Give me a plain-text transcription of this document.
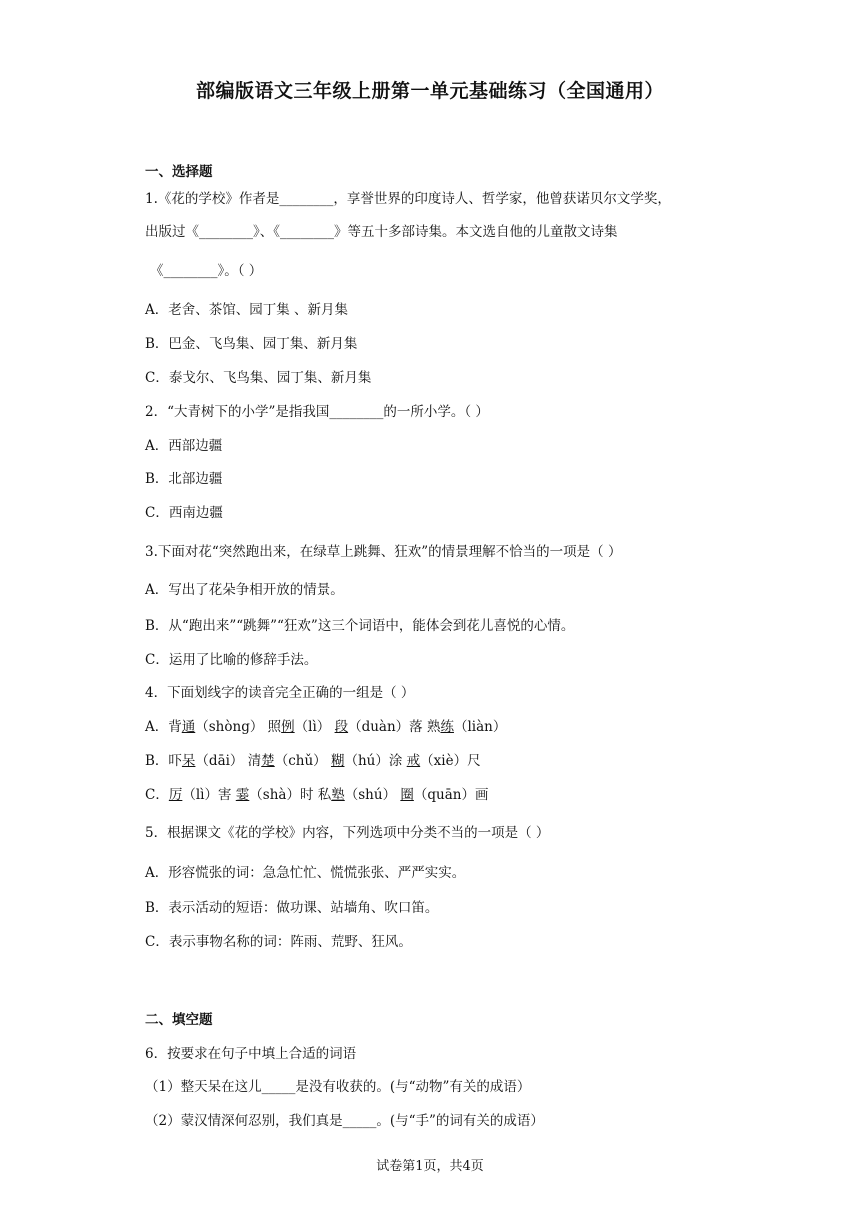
部编版语文三年级上册第一单元基础练习（全国通用）
一、选择题
1.《花的学校》作者是________，享誉世界的印度诗人、哲学家，他曾获诺贝尔文学奖，
出版过《________》、《________》等五十多部诗集。本文选自他的儿童散文诗集
《________》。（ ）
A．老舍、茶馆、园丁集 、新月集
B．巴金、飞鸟集、园丁集、新月集
C．泰戈尔、飞鸟集、园丁集、新月集
2．“大青树下的小学”是指我国________的一所小学。（ ）
A．西部边疆
B．北部边疆
C．西南边疆
3.下面对花“突然跑出来，在绿草上跳舞、狂欢”的情景理解不恰当的一项是（ ）
A．写出了花朵争相开放的情景。
B．从“跑出来”“跳舞”“狂欢”这三个词语中，能体会到花儿喜悦的心情。
C．运用了比喻的修辞手法。
4．下面划线字的读音完全正确的一组是（ ）
A．背通（shòng） 照例（lì） 段（duàn）落 熟练（liàn）
B．吓呆（dāi） 清楚（chǔ） 糊（hú）涂 戒（xiè）尺
C．厉（lì）害 霎（shà）时 私塾（shú） 圈（quān）画
5．根据课文《花的学校》内容，下列选项中分类不当的一项是（ ）
A．形容慌张的词：急急忙忙、慌慌张张、严严实实。
B．表示活动的短语：做功课、站墙角、吹口笛。
C．表示事物名称的词：阵雨、荒野、狂风。
二、填空题
6．按要求在句子中填上合适的词语
（1）整天呆在这儿_____是没有收获的。(与“动物”有关的成语）
（2）蒙汉情深何忍别，我们真是_____。(与“手”的词有关的成语）
试卷第1页，共4页
